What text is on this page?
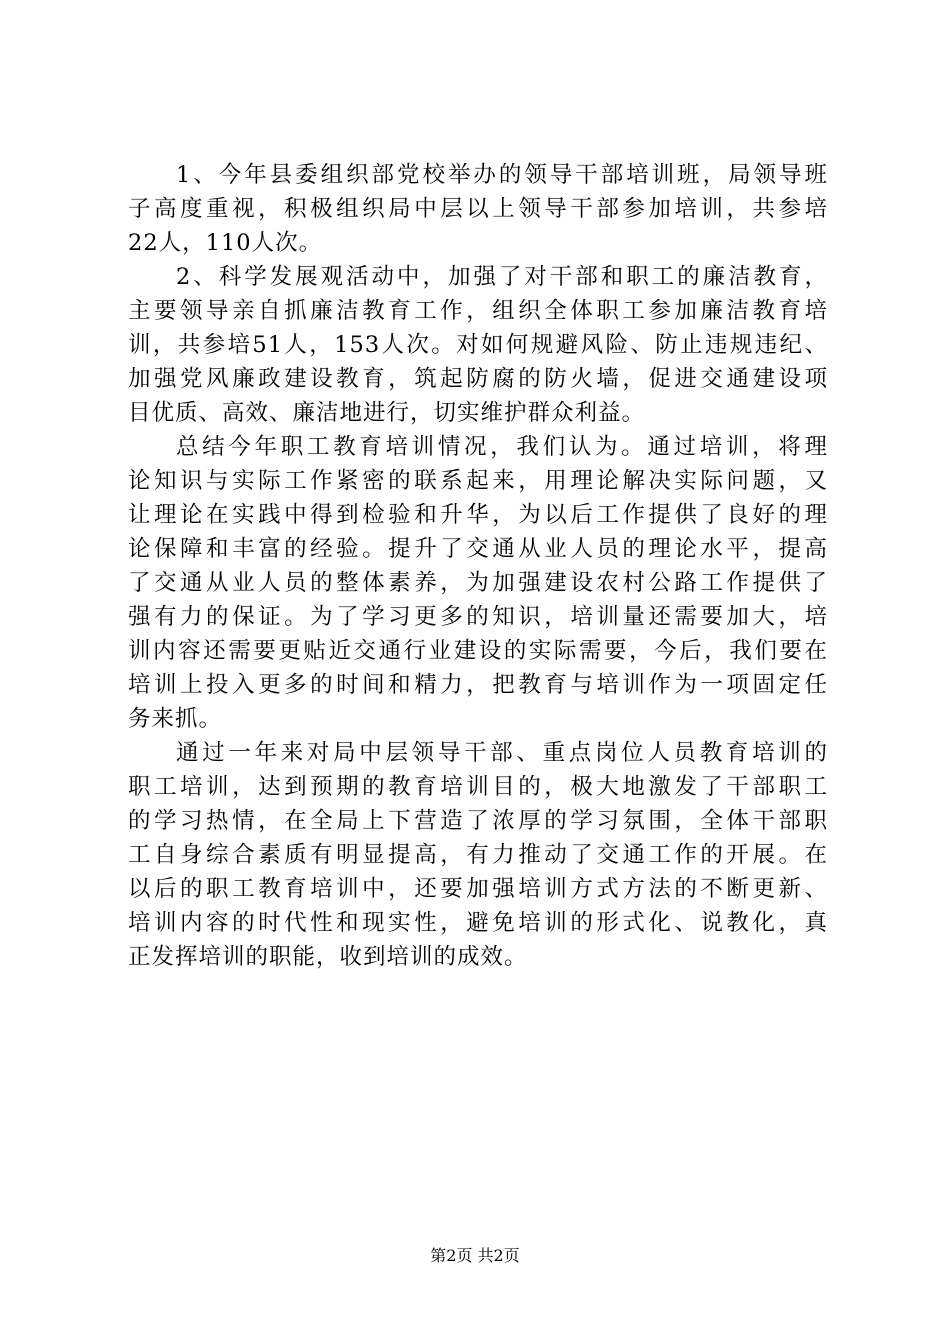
1、今年县委组织部党校举办的领导干部培训班，局领导班
子高度重视，积极组织局中层以上领导干部参加培训，共参培
22人，110人次。
2、科学发展观活动中，加强了对干部和职工的廉洁教育，
主要领导亲自抓廉洁教育工作，组织全体职工参加廉洁教育培
训，共参培51人，153人次。对如何规避风险、防止违规违纪、
加强党风廉政建设教育，筑起防腐的防火墙，促进交通建设项
目优质、高效、廉洁地进行，切实维护群众利益。
总结今年职工教育培训情况，我们认为。通过培训，将理
论知识与实际工作紧密的联系起来，用理论解决实际问题，又
让理论在实践中得到检验和升华，为以后工作提供了良好的理
论保障和丰富的经验。提升了交通从业人员的理论水平，提高
了交通从业人员的整体素养，为加强建设农村公路工作提供了
强有力的保证。为了学习更多的知识，培训量还需要加大，培
训内容还需要更贴近交通行业建设的实际需要，今后，我们要在
培训上投入更多的时间和精力，把教育与培训作为一项固定任
务来抓。
通过一年来对局中层领导干部、重点岗位人员教育培训的
职工培训，达到预期的教育培训目的，极大地激发了干部职工
的学习热情，在全局上下营造了浓厚的学习氛围，全体干部职
工自身综合素质有明显提高，有力推动了交通工作的开展。在
以后的职工教育培训中，还要加强培训方式方法的不断更新、
培训内容的时代性和现实性，避免培训的形式化、说教化，真
正发挥培训的职能，收到培训的成效。
第2页 共2页
